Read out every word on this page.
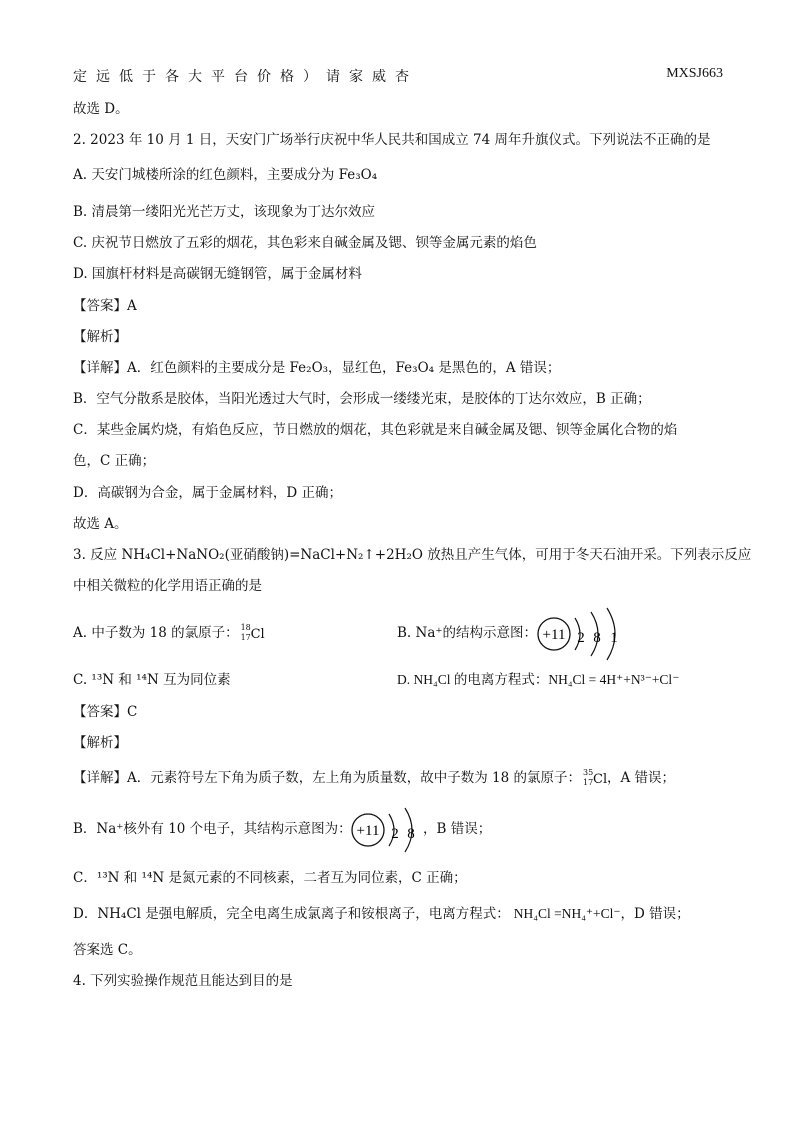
定远低于各大平台价格）请家威杏	MXSJ663
故选 D。
2. 2023 年 10 月 1 日，天安门广场举行庆祝中华人民共和国成立 74 周年升旗仪式。下列说法不正确的是
A. 天安门城楼所涂的红色颜料，主要成分为 Fe₃O₄
B. 清晨第一缕阳光光芒万丈，该现象为丁达尔效应
C. 庆祝节日燃放了五彩的烟花，其色彩来自碱金属及锶、钡等金属元素的焰色
D. 国旗杆材料是高碳钢无缝钢管，属于金属材料
【答案】A
【解析】
【详解】A．红色颜料的主要成分是 Fe₂O₃，显红色，Fe₃O₄ 是黑色的，A 错误；
B．空气分散系是胶体，当阳光透过大气时，会形成一缕缕光束，是胶体的丁达尔效应，B 正确；
C．某些金属灼烧，有焰色反应，节日燃放的烟花，其色彩就是来自碱金属及锶、钡等金属化合物的焰
色，C 正确；
D．高碳钢为合金，属于金属材料，D 正确；
故选 A。
3. 反应 NH₄Cl+NaNO₂(亚硝酸钠)=NaCl+N₂↑+2H₂O 放热且产生气体，可用于冬天石油开采。下列表示反应
中相关微粒的化学用语正确的是
A. 中子数为 18 的氯原子： 18
17 Cl	B. Na⁺的结构示意图： +11 2 8 1
C. ¹³N 和 ¹⁴N 互为同位素	D. NH₄Cl 的电离方程式：NH₄Cl = 4H⁺+N³⁻+Cl⁻
【答案】C
【解析】
【详解】A．元素符号左下角为质子数，左上角为质量数，故中子数为 18 的氯原子： 35
17 Cl ，A 错误；
B．Na⁺核外有 10 个电子，其结构示意图为： +11 2 8 ，B 错误；
C．¹³N 和 ¹⁴N 是氮元素的不同核素，二者互为同位素，C 正确；
D．NH₄Cl 是强电解质，完全电离生成氯离子和铵根离子，电离方程式： NH₄Cl =NH₄⁺+Cl⁻，D 错误；
答案选 C。
4. 下列实验操作规范且能达到目的是
